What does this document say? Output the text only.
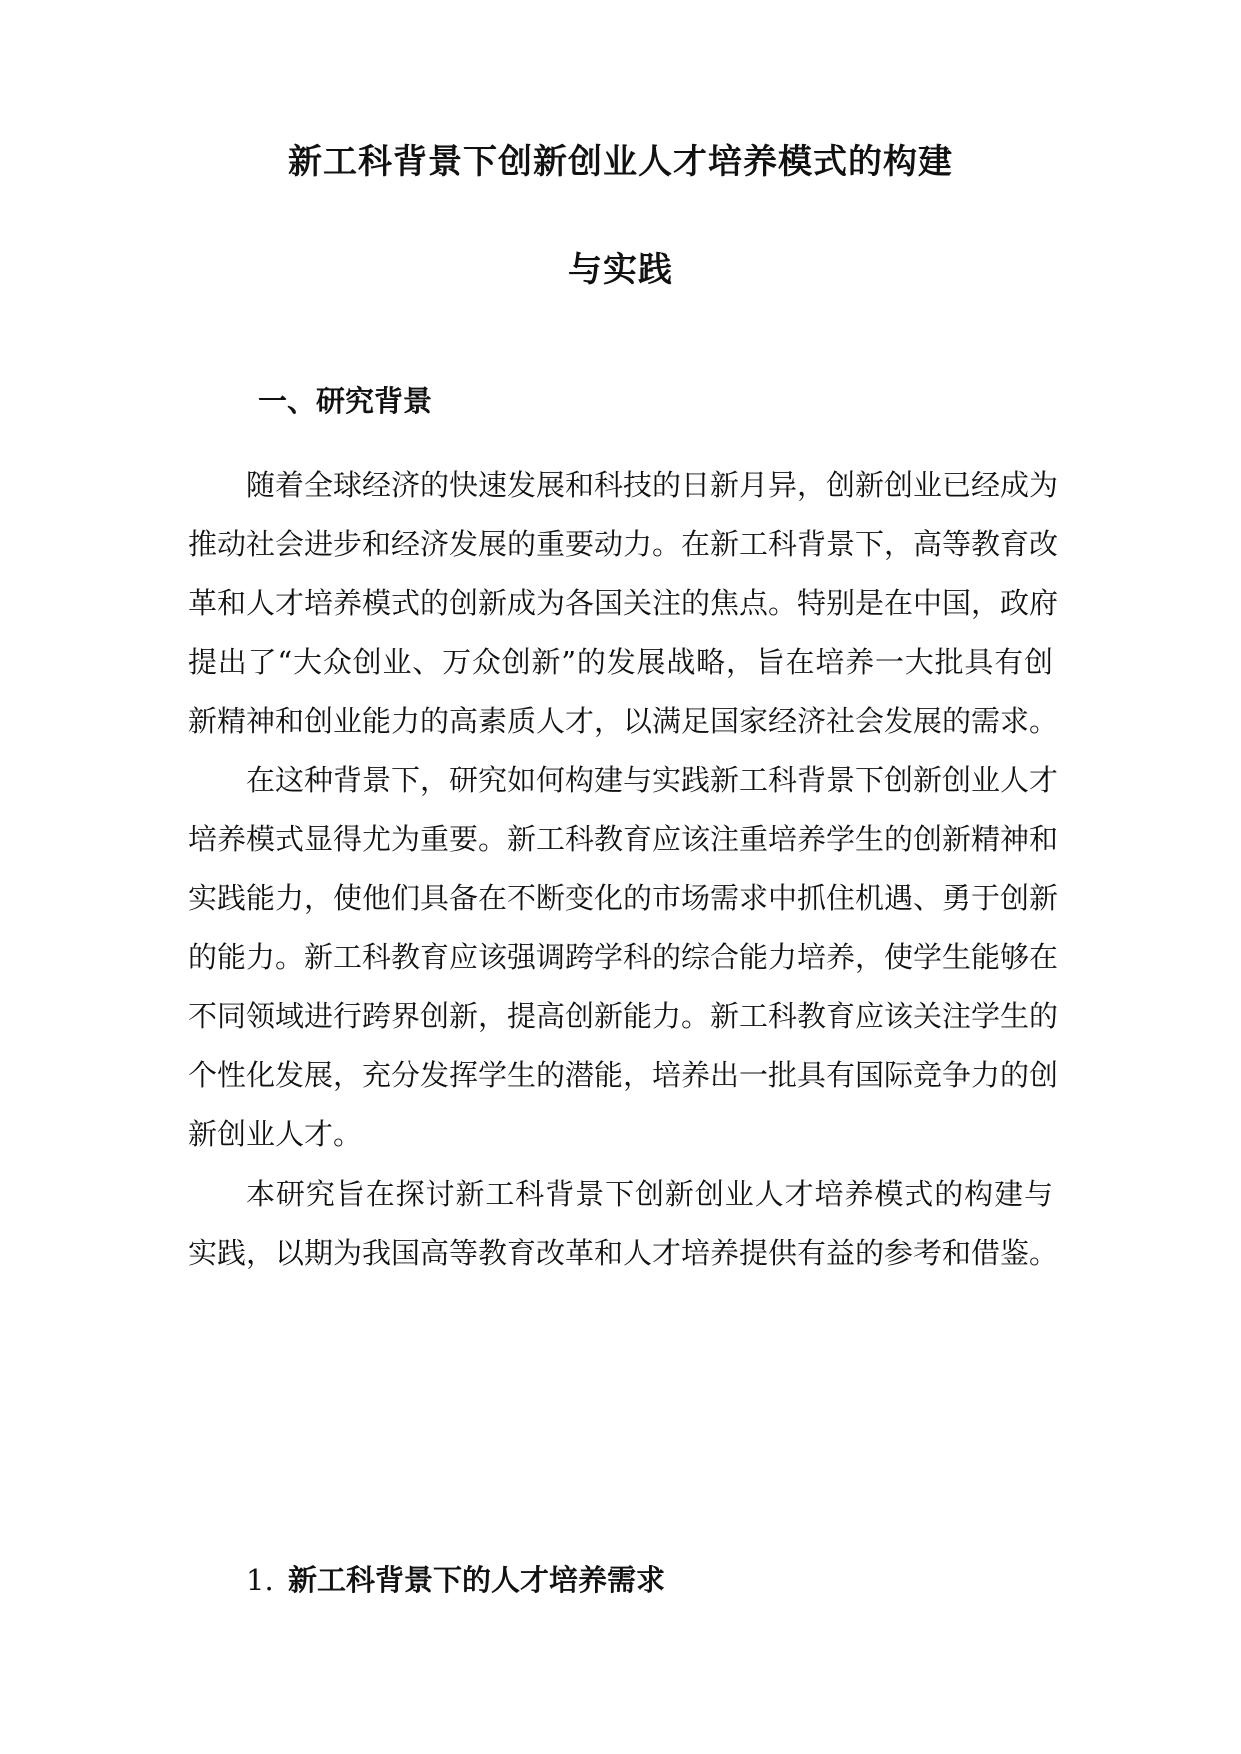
新工科背景下创新创业人才培养模式的构建
与实践
一、研究背景
随着全球经济的快速发展和科技的日新月异，创新创业已经成为
推动社会进步和经济发展的重要动力。在新工科背景下，高等教育改
革和人才培养模式的创新成为各国关注的焦点。特别是在中国，政府
提出了“大众创业、万众创新”的发展战略，旨在培养一大批具有创
新精神和创业能力的高素质人才，以满足国家经济社会发展的需求。
在这种背景下，研究如何构建与实践新工科背景下创新创业人才
培养模式显得尤为重要。新工科教育应该注重培养学生的创新精神和
实践能力，使他们具备在不断变化的市场需求中抓住机遇、勇于创新
的能力。新工科教育应该强调跨学科的综合能力培养，使学生能够在
不同领域进行跨界创新，提高创新能力。新工科教育应该关注学生的
个性化发展，充分发挥学生的潜能，培养出一批具有国际竞争力的创
新创业人才。
本研究旨在探讨新工科背景下创新创业人才培养模式的构建与
实践，以期为我国高等教育改革和人才培养提供有益的参考和借鉴。
1. 新工科背景下的人才培养需求
